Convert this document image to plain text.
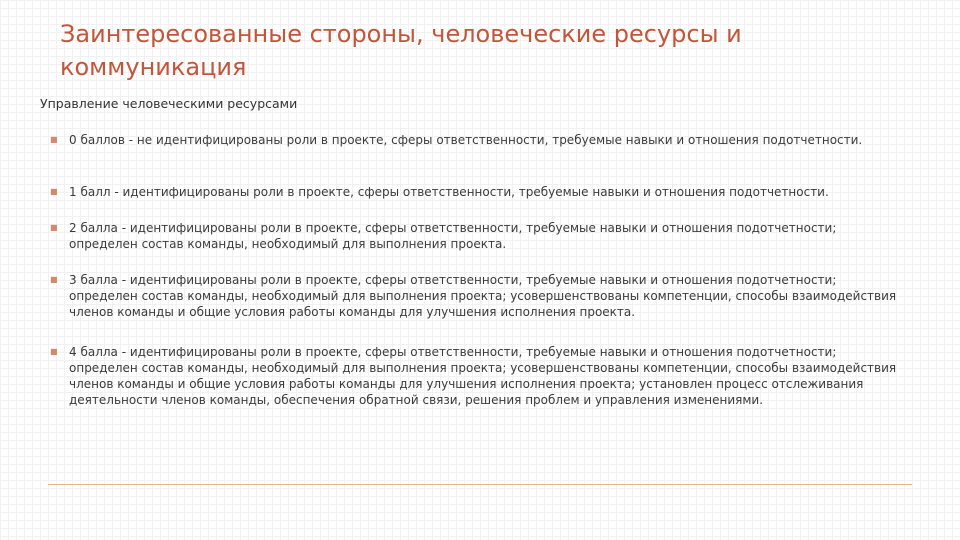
Заинтересованные стороны, человеческие ресурсы и коммуникация
Управление человеческими ресурсами
■ 0 баллов - не идентифицированы роли в проекте, сферы ответственности, требуемые навыки и отношения подотчетности.
■ 1 балл - идентифицированы роли в проекте, сферы ответственности, требуемые навыки и отношения подотчетности.
■ 2 балла - идентифицированы роли в проекте, сферы ответственности, требуемые навыки и отношения подотчетности; определен состав команды, необходимый для выполнения проекта.
■ 3 балла - идентифицированы роли в проекте, сферы ответственности, требуемые навыки и отношения подотчетности; определен состав команды, необходимый для выполнения проекта; усовершенствованы компетенции, способы взаимодействия членов команды и общие условия работы команды для улучшения исполнения проекта.
■ 4 балла - идентифицированы роли в проекте, сферы ответственности, требуемые навыки и отношения подотчетности; определен состав команды, необходимый для выполнения проекта; усовершенствованы компетенции, способы взаимодействия членов команды и общие условия работы команды для улучшения исполнения проекта; установлен процесс отслеживания деятельности членов команды, обеспечения обратной связи, решения проблем и управления изменениями.
